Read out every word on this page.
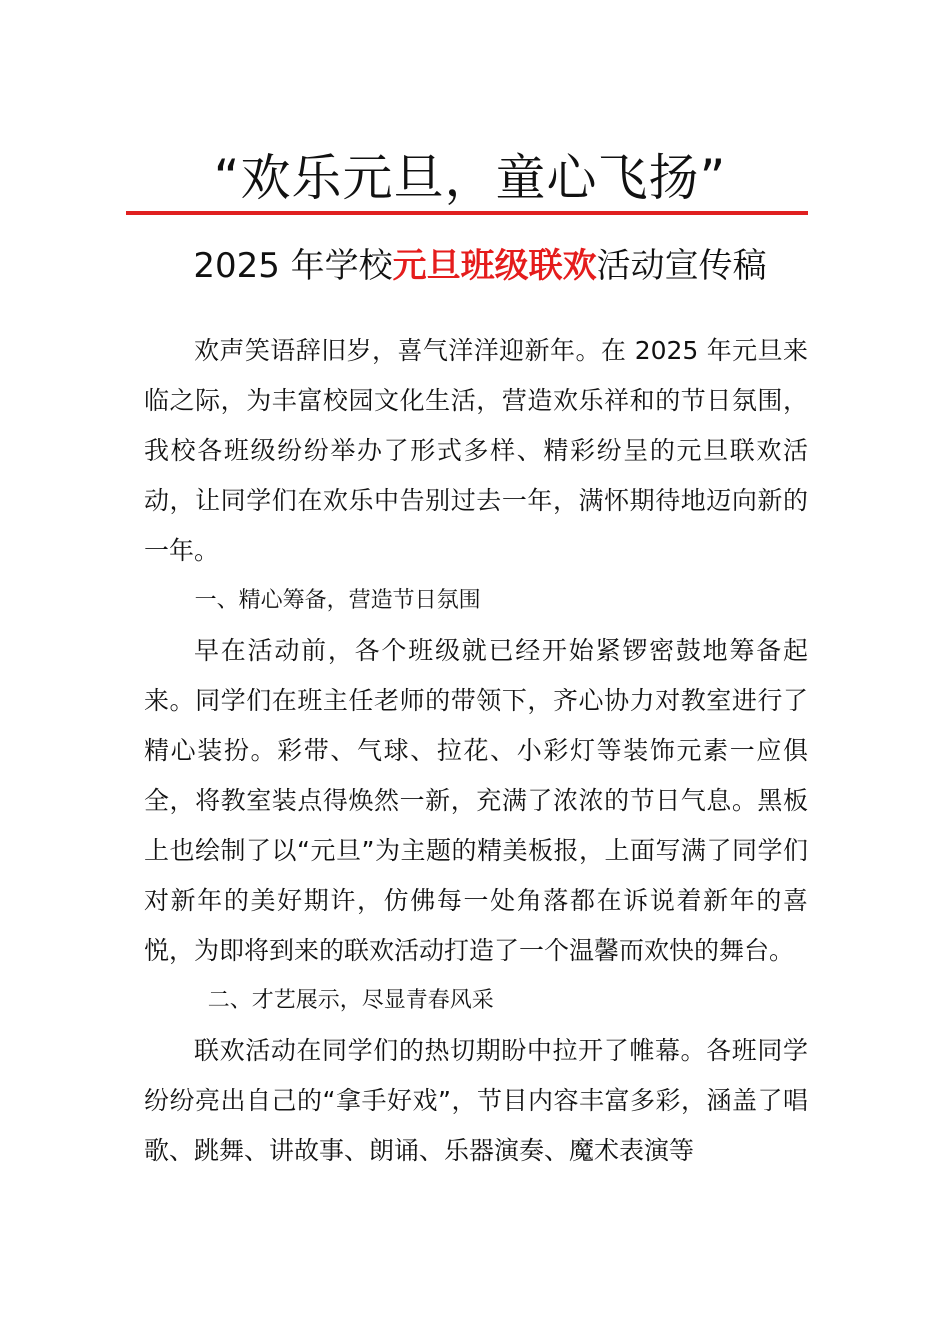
“欢乐元旦，童心飞扬”
2025 年学校元旦班级联欢活动宣传稿

欢声笑语辞旧岁，喜气洋洋迎新年。在 2025 年元旦来临之际，为丰富校园文化生活，营造欢乐祥和的节日氛围，我校各班级纷纷举办了形式多样、精彩纷呈的元旦联欢活动，让同学们在欢乐中告别过去一年，满怀期待地迈向新的一年。

一、精心筹备，营造节日氛围

早在活动前，各个班级就已经开始紧锣密鼓地筹备起来。同学们在班主任老师的带领下，齐心协力对教室进行了精心装扮。彩带、气球、拉花、小彩灯等装饰元素一应俱全，将教室装点得焕然一新，充满了浓浓的节日气息。黑板上也绘制了以“元旦”为主题的精美板报，上面写满了同学们对新年的美好期许，仿佛每一处角落都在诉说着新年的喜悦，为即将到来的联欢活动打造了一个温馨而欢快的舞台。

二、才艺展示，尽显青春风采

联欢活动在同学们的热切期盼中拉开了帷幕。各班同学纷纷亮出自己的“拿手好戏”，节目内容丰富多彩，涵盖了唱歌、跳舞、讲故事、朗诵、乐器演奏、魔术表演等
